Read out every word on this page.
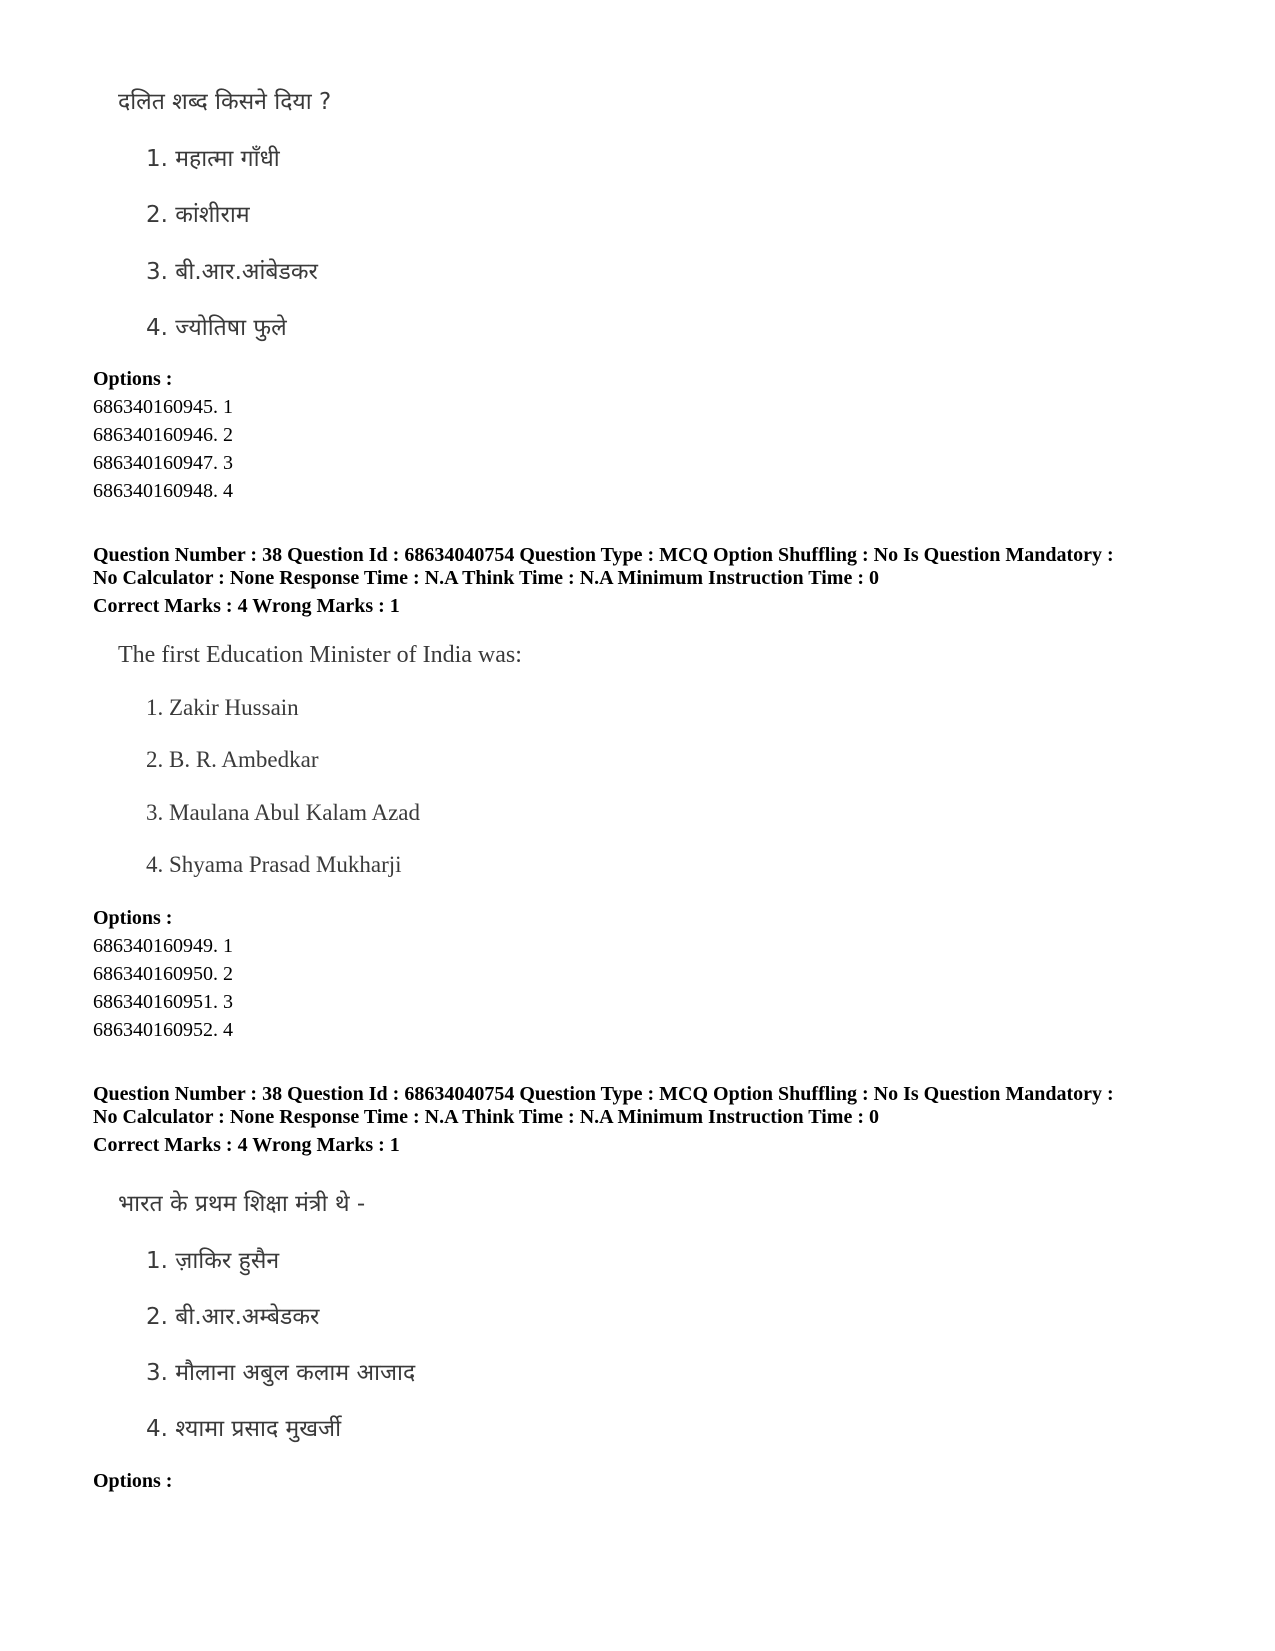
दलित शब्द किसने दिया ?
1. महात्मा गाँधी
2. कांशीराम
3. बी.आर.आंबेडकर
4. ज्योतिषा फुले
Options :
686340160945. 1
686340160946. 2
686340160947. 3
686340160948. 4
Question Number : 38 Question Id : 68634040754 Question Type : MCQ Option Shuffling : No Is Question Mandatory :
No Calculator : None Response Time : N.A Think Time : N.A Minimum Instruction Time : 0
Correct Marks : 4 Wrong Marks : 1
The first Education Minister of India was:
1. Zakir Hussain
2. B. R. Ambedkar
3. Maulana Abul Kalam Azad
4. Shyama Prasad Mukharji
Options :
686340160949. 1
686340160950. 2
686340160951. 3
686340160952. 4
Question Number : 38 Question Id : 68634040754 Question Type : MCQ Option Shuffling : No Is Question Mandatory :
No Calculator : None Response Time : N.A Think Time : N.A Minimum Instruction Time : 0
Correct Marks : 4 Wrong Marks : 1
भारत के प्रथम शिक्षा मंत्री थे -
1. ज़ाकिर हुसैन
2. बी.आर.अम्बेडकर
3. मौलाना अबुल कलाम आजाद
4. श्यामा प्रसाद मुखर्जी
Options :
